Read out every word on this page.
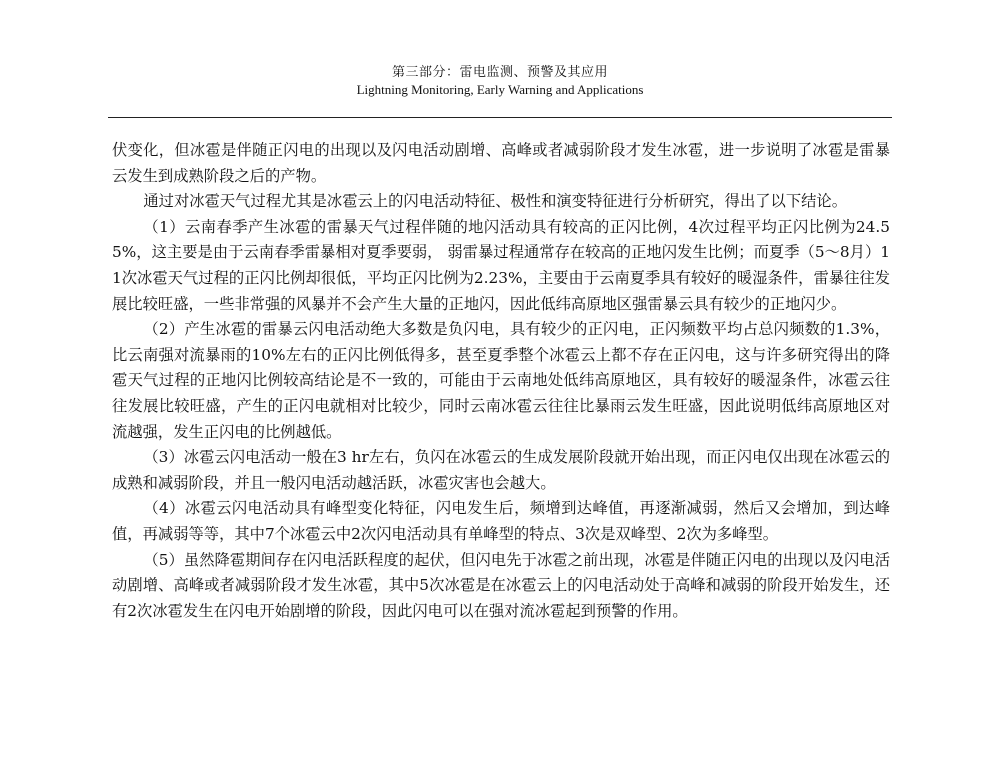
第三部分：雷电监测、预警及其应用
Lightning Monitoring, Early Warning and Applications

伏变化，但冰雹是伴随正闪电的出现以及闪电活动剧增、高峰或者减弱阶段才发生冰雹，进一步说明了冰雹是雷暴云发生到成熟阶段之后的产物。

通过对冰雹天气过程尤其是冰雹云上的闪电活动特征、极性和演变特征进行分析研究，得出了以下结论。

（1）云南春季产生冰雹的雷暴天气过程伴随的地闪活动具有较高的正闪比例，4次过程平均正闪比例为24.55%，这主要是由于云南春季雷暴相对夏季要弱， 弱雷暴过程通常存在较高的正地闪发生比例；而夏季（5～8月）11次冰雹天气过程的正闪比例却很低，平均正闪比例为2.23%，主要由于云南夏季具有较好的暖湿条件，雷暴往往发展比较旺盛，一些非常强的风暴并不会产生大量的正地闪，因此低纬高原地区强雷暴云具有较少的正地闪少。

（2）产生冰雹的雷暴云闪电活动绝大多数是负闪电，具有较少的正闪电，正闪频数平均占总闪频数的1.3%，比云南强对流暴雨的10%左右的正闪比例低得多，甚至夏季整个冰雹云上都不存在正闪电，这与许多研究得出的降雹天气过程的正地闪比例较高结论是不一致的，可能由于云南地处低纬高原地区，具有较好的暖湿条件，冰雹云往往发展比较旺盛，产生的正闪电就相对比较少，同时云南冰雹云往往比暴雨云发生旺盛，因此说明低纬高原地区对流越强，发生正闪电的比例越低。

（3）冰雹云闪电活动一般在3 hr左右，负闪在冰雹云的生成发展阶段就开始出现，而正闪电仅出现在冰雹云的成熟和减弱阶段，并且一般闪电活动越活跃，冰雹灾害也会越大。

（4）冰雹云闪电活动具有峰型变化特征，闪电发生后，频增到达峰值，再逐渐减弱，然后又会增加，到达峰值，再减弱等等，其中7个冰雹云中2次闪电活动具有单峰型的特点、3次是双峰型、2次为多峰型。

（5）虽然降雹期间存在闪电活跃程度的起伏，但闪电先于冰雹之前出现，冰雹是伴随正闪电的出现以及闪电活动剧增、高峰或者减弱阶段才发生冰雹，其中5次冰雹是在冰雹云上的闪电活动处于高峰和减弱的阶段开始发生，还有2次冰雹发生在闪电开始剧增的阶段，因此闪电可以在强对流冰雹起到预警的作用。
